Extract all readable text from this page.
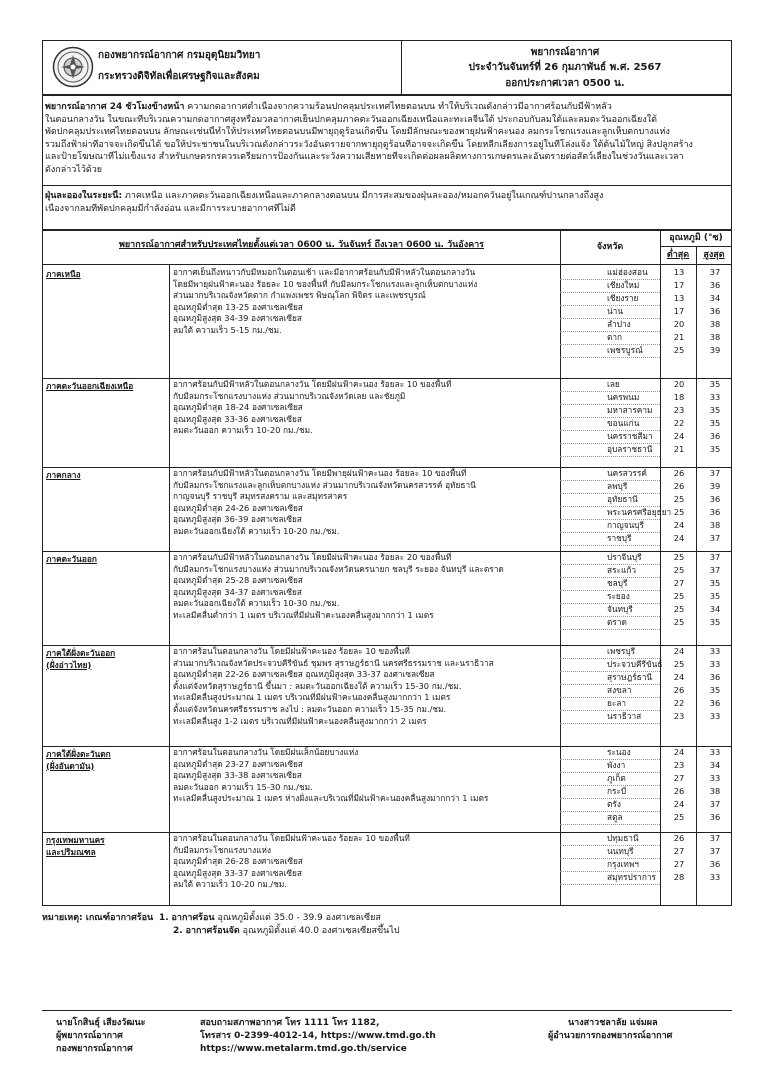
กองพยากรณ์อากาศ กรมอุตุนิยมวิทยา
กระทรวงดิจิทัลเพื่อเศรษฐกิจและสังคม
พยากรณ์อากาศ
ประจำวันจันทร์ที่ 26 กุมภาพันธ์ พ.ศ. 2567
ออกประกาศเวลา 0500 น.
พยากรณ์อากาศ 24 ชั่วโมงข้างหน้า ความกดอากาศต่ำเนื่องจากความร้อนปกคลุมประเทศไทยตอนบน ทำให้บริเวณดังกล่าวมีอากาศร้อนกับมีฟ้าหลัว
ในตอนกลางวัน ในขณะที่บริเวณความกดอากาศสูงหรือมวลอากาศเย็นปกคลุมภาคตะวันออกเฉียงเหนือและทะเลจีนใต้ ประกอบกับลมใต้และลมตะวันออกเฉียงใต้
พัดปกคลุมประเทศไทยตอนบน ลักษณะเช่นนี้ทำให้ประเทศไทยตอนบนมีพายุฤดูร้อนเกิดขึ้น โดยมีลักษณะของพายุฝนฟ้าคะนอง ลมกระโชกแรงและลูกเห็บตกบางแห่ง
รวมถึงฟ้าผ่าที่อาจจะเกิดขึ้นได้ ขอให้ประชาชนในบริเวณดังกล่าวระวังอันตรายจากพายุฤดูร้อนที่อาจจะเกิดขึ้น โดยหลีกเลี่ยงการอยู่ในที่โล่งแจ้ง ใต้ต้นไม้ใหญ่ สิ่งปลูกสร้าง
และป้ายโฆษณาที่ไม่แข็งแรง สำหรับเกษตรกรควรเตรียมการป้องกันและระวังความเสียหายที่จะเกิดต่อผลผลิตทางการเกษตรและอันตรายต่อสัตว์เลี้ยงในช่วงวันและเวลา
ดังกล่าวไว้ด้วย
ฝุ่นละอองในระยะนี้: ภาคเหนือ และภาคตะวันออกเฉียงเหนือและภาคกลางตอนบน มีการสะสมของฝุ่นละออง/หมอกควันอยู่ในเกณฑ์ปานกลางถึงสูง
เนื่องจากลมที่พัดปกคลุมมีกำลังอ่อน และมีการระบายอากาศที่ไม่ดี
พยากรณ์อากาศสำหรับประเทศไทยตั้งแต่เวลา 0600 น. วันจันทร์ ถึงเวลา 0600 น. วันอังคาร	จังหวัด
อุณหภูมิ (°ซ)
ต่ำสุด	สูงสุด
ภาคเหนือ	อากาศเย็นถึงหนาวกับมีหมอกในตอนเช้า และมีอากาศร้อนกับมีฟ้าหลัวในตอนกลางวัน
โดยมีพายุฝนฟ้าคะนอง ร้อยละ 10 ของพื้นที่ กับมีลมกระโชกแรงและลูกเห็บตกบางแห่ง
ส่วนมากบริเวณจังหวัดตาก กำแพงเพชร พิษณุโลก พิจิตร และเพชรบูรณ์
อุณหภูมิต่ำสุด 13-25 องศาเซลเซียส
อุณหภูมิสูงสุด 34-39 องศาเซลเซียส
ลมใต้ ความเร็ว 5-15 กม./ชม.
แม่ฮ่องสอน	13	37
เชียงใหม่	17	36
เชียงราย	13	34
น่าน	17	36
ลำปาง	20	38
ตาก	21	38
เพชรบูรณ์	25	39
ภาคตะวันออกเฉียงเหนือ	อากาศร้อนกับมีฟ้าหลัวในตอนกลางวัน โดยมีฝนฟ้าคะนอง ร้อยละ 10 ของพื้นที่
กับมีลมกระโชกแรงบางแห่ง ส่วนมากบริเวณจังหวัดเลย และชัยภูมิ
อุณหภูมิต่ำสุด 18-24 องศาเซลเซียส
อุณหภูมิสูงสุด 33-36 องศาเซลเซียส
ลมตะวันออก ความเร็ว 10-20 กม./ชม.
เลย	20	35
นครพนม	18	33
มหาสารคาม	23	35
ขอนแก่น	22	35
นครราชสีมา	24	36
อุบลราชธานี	21	35
ภาคกลาง	อากาศร้อนกับมีฟ้าหลัวในตอนกลางวัน โดยมีพายุฝนฟ้าคะนอง ร้อยละ 10 ของพื้นที่
กับมีลมกระโชกแรงและลูกเห็บตกบางแห่ง ส่วนมากบริเวณจังหวัดนครสวรรค์ อุทัยธานี
กาญจนบุรี ราชบุรี สมุทรสงคราม และสมุทรสาคร
อุณหภูมิต่ำสุด 24-26 องศาเซลเซียส
อุณหภูมิสูงสุด 36-39 องศาเซลเซียส
ลมตะวันออกเฉียงใต้ ความเร็ว 10-20 กม./ชม.
นครสวรรค์	26	37
ลพบุรี	26	39
อุทัยธานี	25	36
พระนครศรีอยุธยา 25	36
กาญจนบุรี	24	38
ราชบุรี	24	37
ภาคตะวันออก	อากาศร้อนกับมีฟ้าหลัวในตอนกลางวัน โดยมีฝนฟ้าคะนอง ร้อยละ 20 ของพื้นที่
กับมีลมกระโชกแรงบางแห่ง ส่วนมากบริเวณจังหวัดนครนายก ชลบุรี ระยอง จันทบุรี และตราด
อุณหภูมิต่ำสุด 25-28 องศาเซลเซียส
อุณหภูมิสูงสุด 34-37 องศาเซลเซียส
ลมตะวันออกเฉียงใต้ ความเร็ว 10-30 กม./ชม.
ทะเลมีคลื่นต่ำกว่า 1 เมตร บริเวณที่มีฝนฟ้าคะนองคลื่นสูงมากกว่า 1 เมตร
ปราจีนบุรี	25	37
สระแก้ว	25	37
ชลบุรี	27	35
ระยอง	25	35
จันทบุรี	25	34
ตราด	25	35
ภาคใต้ฝั่งตะวันออก
(ฝั่งอ่าวไทย)
อากาศร้อนในตอนกลางวัน โดยมีฝนฟ้าคะนอง ร้อยละ 10 ของพื้นที่
ส่วนมากบริเวณจังหวัดประจวบคีรีขันธ์ ชุมพร สุราษฎร์ธานี นครศรีธรรมราช และนราธิวาส
อุณหภูมิต่ำสุด 22-26 องศาเซลเซียส อุณหภูมิสูงสุด 33-37 องศาเซลเซียส
ตั้งแต่จังหวัดสุราษฎร์ธานี ขึ้นมา : ลมตะวันออกเฉียงใต้ ความเร็ว 15-30 กม./ชม.
ทะเลมีคลื่นสูงประมาณ 1 เมตร บริเวณที่มีฝนฟ้าคะนองคลื่นสูงมากกว่า 1 เมตร
ตั้งแต่จังหวัดนครศรีธรรมราช ลงไป : ลมตะวันออก ความเร็ว 15-35 กม./ชม.
ทะเลมีคลื่นสูง 1-2 เมตร บริเวณที่มีฝนฟ้าคะนองคลื่นสูงมากกว่า 2 เมตร
เพชรบุรี	24	33
ประจวบคีรีขันธ์	25	33
สุราษฎร์ธานี	24	36
สงขลา	26	35
ยะลา	22	36
นราธิวาส	23	33
ภาคใต้ฝั่งตะวันตก
(ฝั่งอันดามัน)
อากาศร้อนในตอนกลางวัน โดยมีฝนเล็กน้อยบางแห่ง
อุณหภูมิต่ำสุด 23-27 องศาเซลเซียส
อุณหภูมิสูงสุด 33-38 องศาเซลเซียส
ลมตะวันออก ความเร็ว 15-30 กม./ชม.
ทะเลมีคลื่นสูงประมาณ 1 เมตร ห่างฝั่งและบริเวณที่มีฝนฟ้าคะนองคลื่นสูงมากกว่า 1 เมตร
ระนอง	24	33
พังงา	23	34
ภูเก็ต	27	33
กระบี่	26	38
ตรัง	24	37
สตูล	25	36
กรุงเทพมหานคร
และปริมณฑล
อากาศร้อนในตอนกลางวัน โดยมีฝนฟ้าคะนอง ร้อยละ 10 ของพื้นที่
กับมีลมกระโชกแรงบางแห่ง
อุณหภูมิต่ำสุด 26-28 องศาเซลเซียส
อุณหภูมิสูงสุด 33-37 องศาเซลเซียส
ลมใต้ ความเร็ว 10-20 กม./ชม.
ปทุมธานี	26	37
นนทบุรี	27	37
กรุงเทพฯ	27	36
สมุทรปราการ	28	33
หมายเหตุ: เกณฑ์อากาศร้อน 1. อากาศร้อน อุณหภูมิตั้งแต่ 35.0 - 39.9 องศาเซลเซียส
2. อากาศร้อนจัด อุณหภูมิตั้งแต่ 40.0 องศาเซลเซียสขึ้นไป
นายโกสินธุ์ เสียงวัฒนะ
ผู้พยากรณ์อากาศ
กองพยากรณ์อากาศ
สอบถามสภาพอากาศ โทร 1111 โทร 1182,
โทรสาร 0-2399-4012-14, https://www.tmd.go.th
https://www.metalarm.tmd.go.th/service
นางสาวชลาลัย แจ่มผล
ผู้อำนวยการกองพยากรณ์อากาศ
